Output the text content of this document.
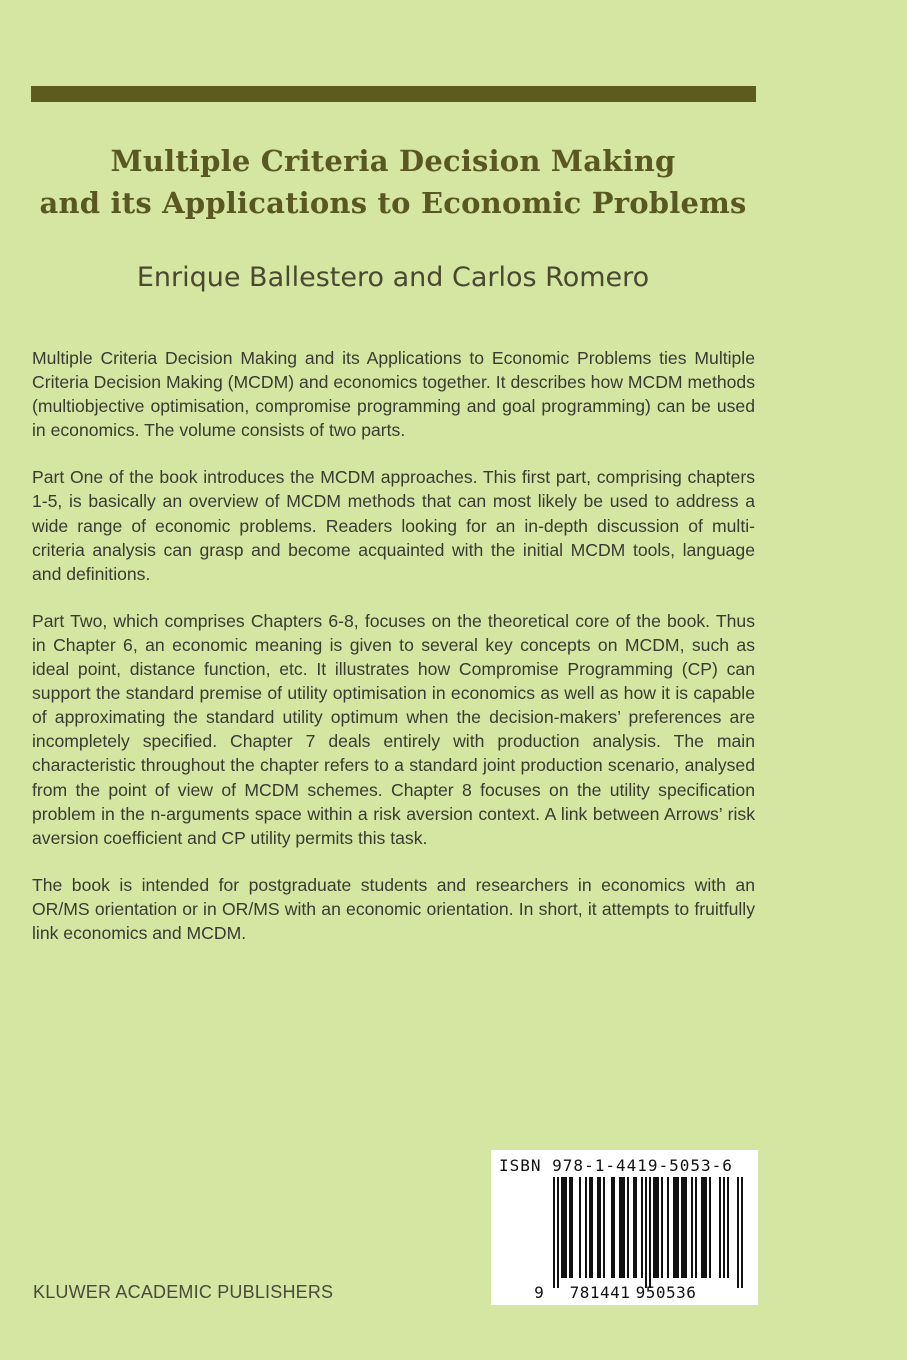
Multiple Criteria Decision Making
and its Applications to Economic Problems
Enrique Ballestero and Carlos Romero

Multiple Criteria Decision Making and its Applications to Economic Problems ties Multiple Criteria Decision Making (MCDM) and economics together. It describes how MCDM methods (multiobjective optimisation, compromise programming and goal programming) can be used in economics. The volume consists of two parts.

Part One of the book introduces the MCDM approaches. This first part, comprising chapters 1-5, is basically an overview of MCDM methods that can most likely be used to address a wide range of economic problems. Readers looking for an in-depth discussion of multi-criteria analysis can grasp and become acquainted with the initial MCDM tools, language and definitions.

Part Two, which comprises Chapters 6-8, focuses on the theoretical core of the book. Thus in Chapter 6, an economic meaning is given to several key concepts on MCDM, such as ideal point, distance function, etc. It illustrates how Compromise Programming (CP) can support the standard premise of utility optimisation in economics as well as how it is capable of approximating the standard utility optimum when the decision-makers’ preferences are incompletely specified. Chapter 7 deals entirely with production analysis. The main characteristic throughout the chapter refers to a standard joint production scenario, analysed from the point of view of MCDM schemes. Chapter 8 focuses on the utility specification problem in the n-arguments space within a risk aversion context. A link between Arrows’ risk aversion coefficient and CP utility permits this task.

The book is intended for postgraduate students and researchers in economics with an OR/MS orientation or in OR/MS with an economic orientation. In short, it attempts to fruitfully link economics and MCDM.

KLUWER ACADEMIC PUBLISHERS
ISBN 978-1-4419-5053-6
9 781441 950536
